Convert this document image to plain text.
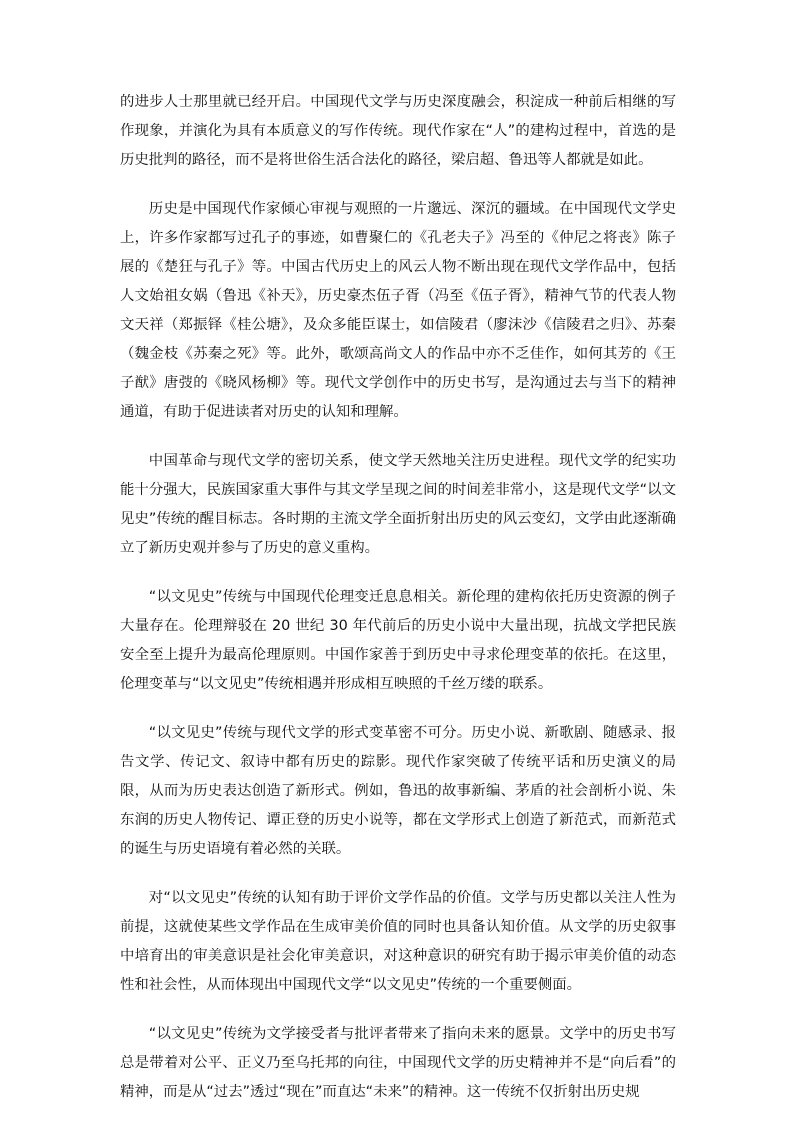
的进步人士那里就已经开启。中国现代文学与历史深度融会，积淀成一种前后相继的写作现象，并演化为具有本质意义的写作传统。现代作家在“人”的建构过程中，首选的是历史批判的路径，而不是将世俗生活合法化的路径，梁启超、鲁迅等人都就是如此。

历史是中国现代作家倾心审视与观照的一片邈远、深沉的疆域。在中国现代文学史上，许多作家都写过孔子的事迹，如曹聚仁的《孔老夫子》冯至的《仲尼之将丧》陈子展的《楚狂与孔子》等。中国古代历史上的风云人物不断出现在现代文学作品中，包括人文始祖女娲（鲁迅《补天》，历史豪杰伍子胥（冯至《伍子胥》，精神气节的代表人物文天祥（郑振铎《桂公塘》，及众多能臣谋士，如信陵君（廖沫沙《信陵君之归》、苏秦（魏金枝《苏秦之死》等。此外，歌颂高尚文人的作品中亦不乏佳作，如何其芳的《王子猷》唐弢的《晓风杨柳》等。现代文学创作中的历史书写，是沟通过去与当下的精神通道，有助于促进读者对历史的认知和理解。

中国革命与现代文学的密切关系，使文学天然地关注历史进程。现代文学的纪实功能十分强大，民族国家重大事件与其文学呈现之间的时间差非常小，这是现代文学“以文见史”传统的醒目标志。各时期的主流文学全面折射出历史的风云变幻，文学由此逐渐确立了新历史观并参与了历史的意义重构。

“以文见史”传统与中国现代伦理变迁息息相关。新伦理的建构依托历史资源的例子大量存在。伦理辩驳在 20 世纪 30 年代前后的历史小说中大量出现，抗战文学把民族安全至上提升为最高伦理原则。中国作家善于到历史中寻求伦理变革的依托。在这里，伦理变革与“以文见史”传统相遇并形成相互映照的千丝万缕的联系。

“以文见史”传统与现代文学的形式变革密不可分。历史小说、新歌剧、随感录、报告文学、传记文、叙诗中都有历史的踪影。现代作家突破了传统平话和历史演义的局限，从而为历史表达创造了新形式。例如，鲁迅的故事新编、茅盾的社会剖析小说、朱东润的历史人物传记、谭正登的历史小说等，都在文学形式上创造了新范式，而新范式的诞生与历史语境有着必然的关联。

对“以文见史”传统的认知有助于评价文学作品的价值。文学与历史都以关注人性为前提，这就使某些文学作品在生成审美价值的同时也具备认知价值。从文学的历史叙事中培育出的审美意识是社会化审美意识，对这种意识的研究有助于揭示审美价值的动态性和社会性，从而体现出中国现代文学“以文见史”传统的一个重要侧面。

“以文见史”传统为文学接受者与批评者带来了指向未来的愿景。文学中的历史书写总是带着对公平、正义乃至乌托邦的向往，中国现代文学的历史精神并不是“向后看”的精神，而是从“过去”透过“现在”而直达“未来”的精神。这一传统不仅折射出历史规
